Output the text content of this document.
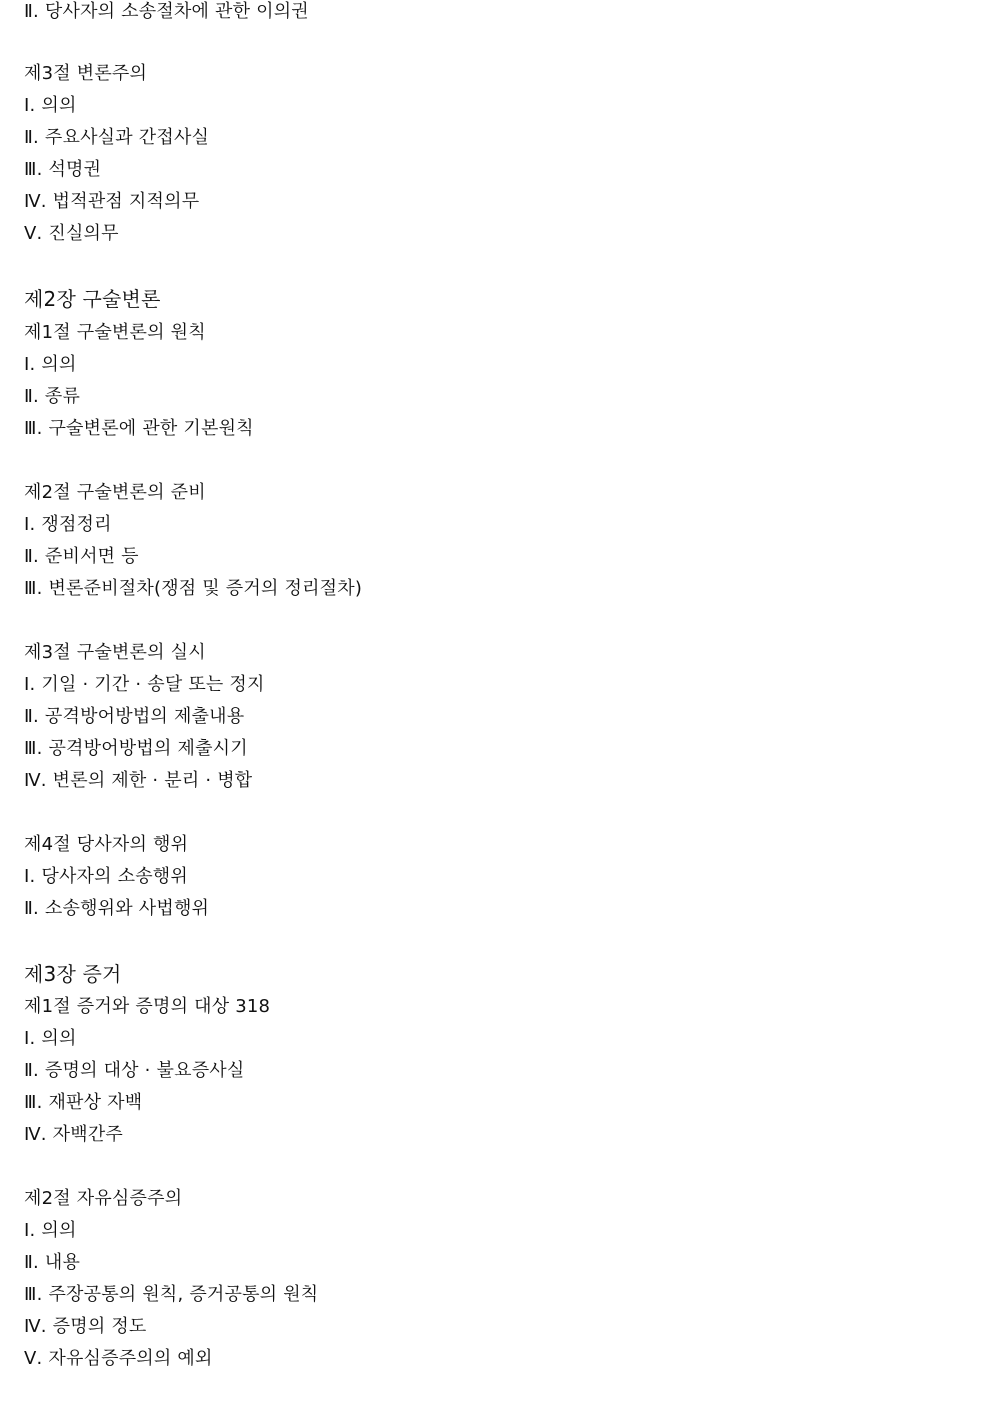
Ⅱ. 당사자의 소송절차에 관한 이의권
제3절 변론주의
Ⅰ. 의의
Ⅱ. 주요사실과 간접사실
Ⅲ. 석명권
Ⅳ. 법적관점 지적의무
Ⅴ. 진실의무
제2장 구술변론
제1절 구술변론의 원칙
Ⅰ. 의의
Ⅱ. 종류
Ⅲ. 구술변론에 관한 기본원칙
제2절 구술변론의 준비
Ⅰ. 쟁점정리
Ⅱ. 준비서면 등
Ⅲ. 변론준비절차(쟁점 및 증거의 정리절차)
제3절 구술변론의 실시
Ⅰ. 기일 · 기간 · 송달 또는 정지
Ⅱ. 공격방어방법의 제출내용
Ⅲ. 공격방어방법의 제출시기
Ⅳ. 변론의 제한 · 분리 · 병합
제4절 당사자의 행위
Ⅰ. 당사자의 소송행위
Ⅱ. 소송행위와 사법행위
제3장 증거
제1절 증거와 증명의 대상 318
Ⅰ. 의의
Ⅱ. 증명의 대상 · 불요증사실
Ⅲ. 재판상 자백
Ⅳ. 자백간주
제2절 자유심증주의
Ⅰ. 의의
Ⅱ. 내용
Ⅲ. 주장공통의 원칙, 증거공통의 원칙
Ⅳ. 증명의 정도
Ⅴ. 자유심증주의의 예외
